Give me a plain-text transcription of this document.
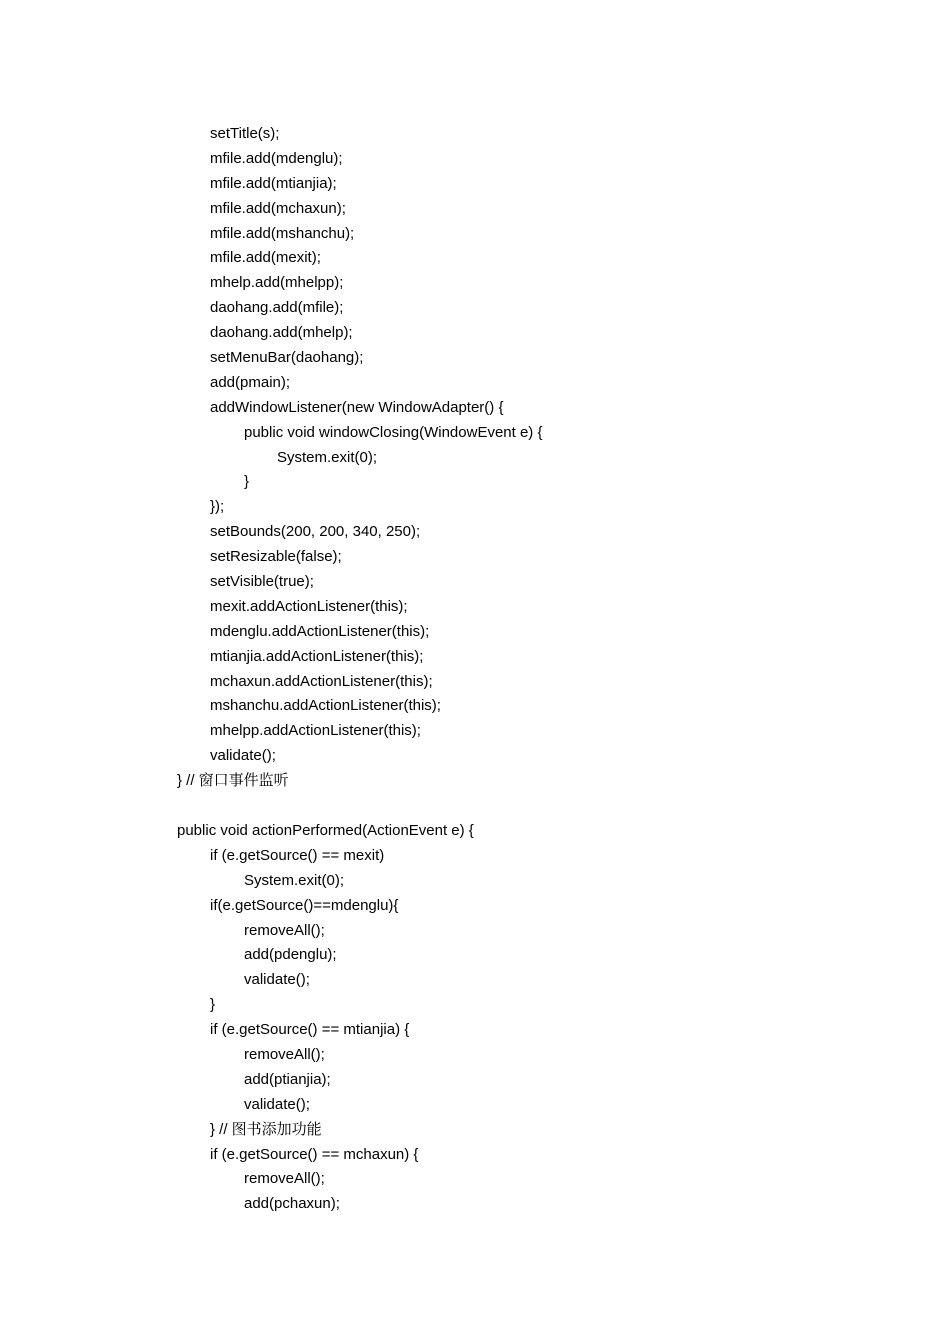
setTitle(s);
mfile.add(mdenglu);
mfile.add(mtianjia);
mfile.add(mchaxun);
mfile.add(mshanchu);
mfile.add(mexit);
mhelp.add(mhelpp);
daohang.add(mfile);
daohang.add(mhelp);
setMenuBar(daohang);
add(pmain);
addWindowListener(new WindowAdapter() {
public void windowClosing(WindowEvent e) {
System.exit(0);
}
});
setBounds(200, 200, 340, 250);
setResizable(false);
setVisible(true);
mexit.addActionListener(this);
mdenglu.addActionListener(this);
mtianjia.addActionListener(this);
mchaxun.addActionListener(this);
mshanchu.addActionListener(this);
mhelpp.addActionListener(this);
validate();
} // 窗口事件监听
public void actionPerformed(ActionEvent e) {
if (e.getSource() == mexit)
System.exit(0);
if(e.getSource()==mdenglu){
removeAll();
add(pdenglu);
validate();
}
if (e.getSource() == mtianjia) {
removeAll();
add(ptianjia);
validate();
} // 图书添加功能
if (e.getSource() == mchaxun) {
removeAll();
add(pchaxun);
